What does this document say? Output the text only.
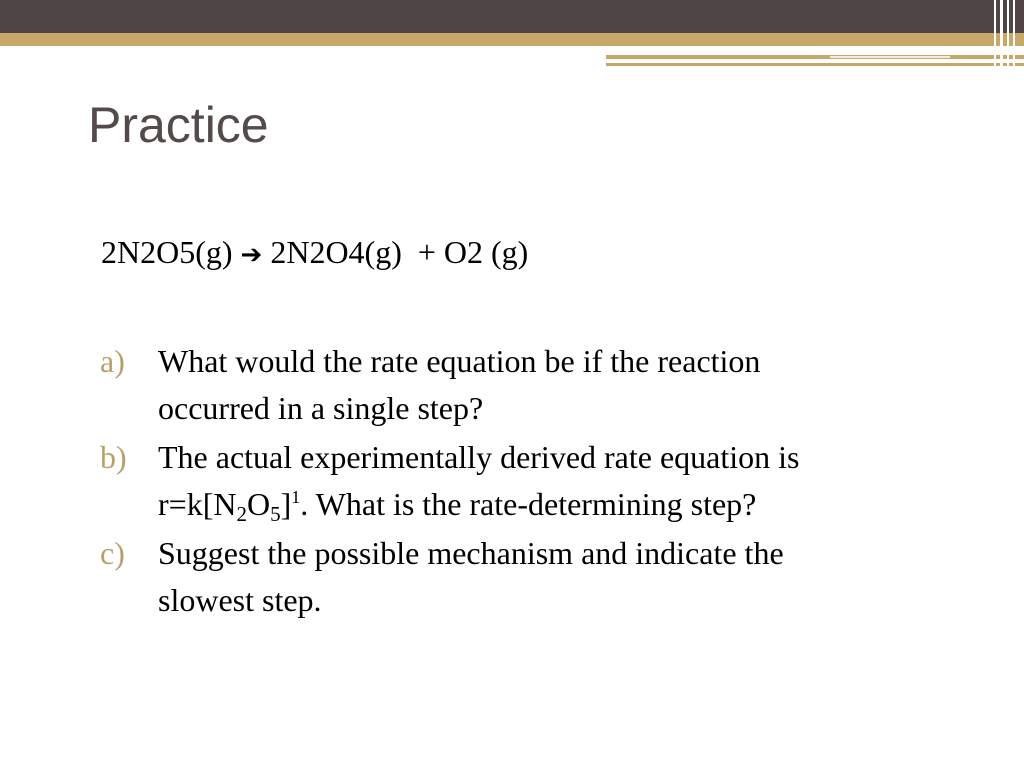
Practice
2N2O5(g) ➔ 2N2O4(g)  + O2 (g)
a) What would the rate equation be if the reaction occurred in a single step?
b) The actual experimentally derived rate equation is $r=k[N_2O_5]^1$. What is the rate-determining step?
c) Suggest the possible mechanism and indicate the slowest step.
